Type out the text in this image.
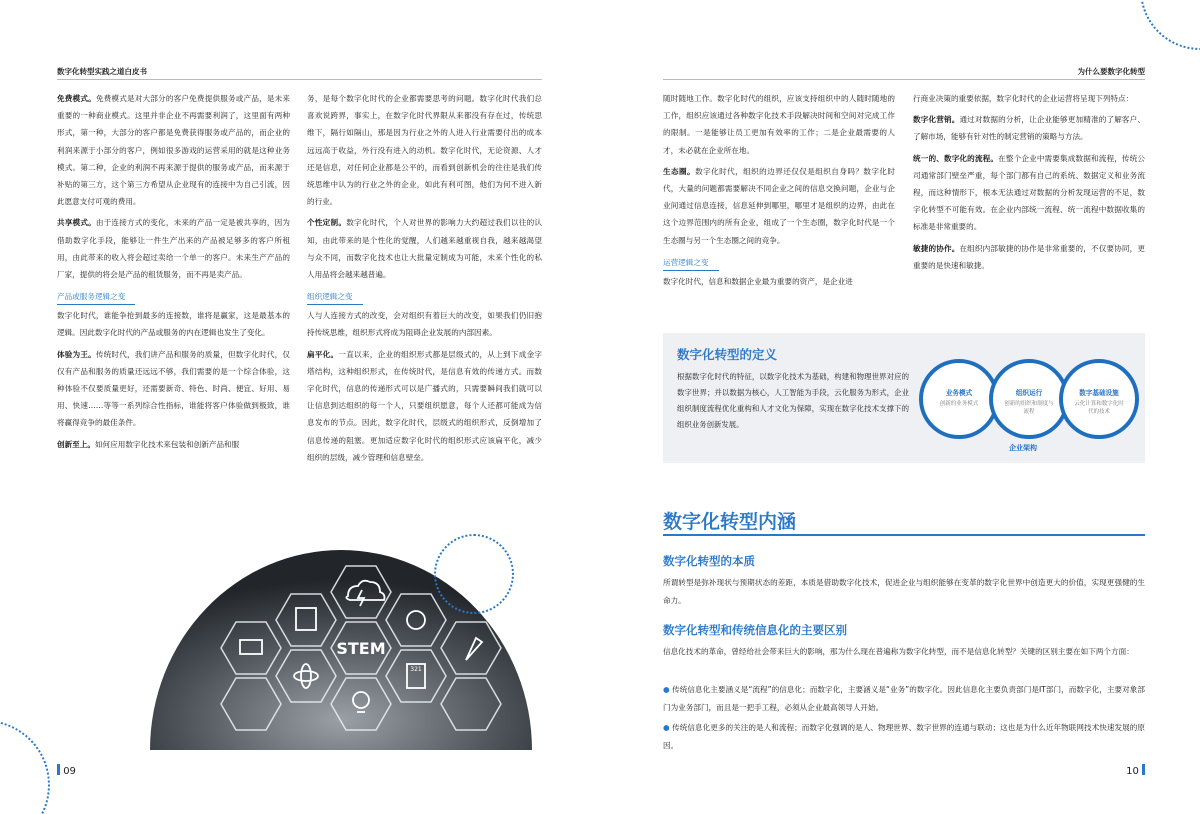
数字化转型实践之道白皮书

免费模式。免费模式是对大部分的客户免费提供服务或产品，是未来重要的一种商业模式。这里并非企业不再需要利润了，这里面有两种形式，第一种，大部分的客户都是免费获得服务或产品的，而企业的利润来源于小部分的客户，例如很多游戏的运营采用的就是这种业务模式。第二种，企业的利润不再来源于提供的服务或产品，而来源于补贴的第三方，这个第三方希望从企业现有的连接中为自己引流，因此愿意支付可观的费用。

共享模式。由于连接方式的变化，未来的产品一定是被共享的，因为借助数字化手段，能够让一件生产出来的产品被足够多的客户所租用，由此带来的收入将会超过卖给一个单一的客户。未来生产产品的厂家，提供的将会是产品的租赁服务，而不再是卖产品。

产品或服务逻辑之变

数字化时代，谁能争抢到最多的连接数，谁将是赢家，这是最基本的逻辑。因此数字化时代的产品或服务的内在逻辑也发生了变化。

体验为王。传统时代，我们讲产品和服务的质量，但数字化时代，仅仅有产品和服务的质量还远远不够，我们需要的是一个综合体验，这种体验不仅要质量更好，还需要新奇、特色、时尚、便宜、好用、易用、快速……等等一系列综合性指标，谁能将客户体验做到极致，谁将赢得竞争的最佳条件。

创新至上。如何应用数字化技术来包装和创新产品和服

务，是每个数字化时代的企业都需要思考的问题。数字化时代我们总喜欢说跨界，事实上，在数字化时代界限从来都没有存在过，传统思维下，隔行如隔山，那是因为行业之外的人进入行业需要付出的成本远远高于收益，外行没有进入的动机。数字化时代，无论资源、人才还是信息，对任何企业都是公平的，而看到创新机会的往往是我们传统思维中认为的行业之外的企业，如此有利可图，他们为何不进入新的行业。

个性定制。数字化时代，个人对世界的影响力大约超过我们以往的认知，由此带来的是个性化的觉醒，人们越来越重视自我，越来越渴望与众不同，而数字化技术也让大批量定制成为可能，未来个性化的私人用品将会越来越普遍。

组织逻辑之变

人与人连接方式的改变，会对组织有着巨大的改变，如果我们仍旧抱持传统思维，组织形式将成为阻碍企业发展的内部因素。

扁平化。一直以来，企业的组织形式都是层级式的，从上到下成金字塔结构，这种组织形式，在传统时代，是信息有效的传递方式。而数字化时代，信息的传递形式可以是广播式的，只需要瞬间我们就可以让信息到达组织的每一个人，只要组织愿意，每个人还都可能成为信息发布的节点。因此，数字化时代，层级式的组织形式，反倒增加了信息传递的阻塞。更加适应数字化时代的组织形式应该扁平化，减少组织的层级，减少管理和信息壁垒。

STEM
321
09
为什么要数字化转型

随时随地工作。数字化时代的组织，应该支持组织中的人随时随地的工作，组织应该通过各种数字化技术手段解决时间和空间对完成工作的限制。一是能够让员工更加有效率的工作；二是企业最需要的人才，未必就在企业所在地。

生态圈。数字化时代，组织的边界还仅仅是组织自身吗？数字化时代，大量的问题都需要解决不同企业之间的信息交换问题，企业与企业间通过信息连接，信息延伸到哪里，哪里才是组织的边界，由此在这个边界范围内的所有企业，组成了一个生态圈，数字化时代是一个生态圈与另一个生态圈之间的竞争。

运营逻辑之变

数字化时代，信息和数据企业最为重要的资产，是企业进

行商业决策的重要依据，数字化时代的企业运营将呈现下列特点：

数字化营销。通过对数据的分析，让企业能够更加精准的了解客户、了解市场，能够有针对性的制定营销的策略与方法。

统一的、数字化的流程。在整个企业中需要集成数据和流程，传统公司通常部门壁垒严重，每个部门都有自己的系统、数据定义和业务流程，而这种情形下，根本无法通过对数据的分析发现运营的不足，数字化转型不可能有效。在企业内部统一流程、统一流程中数据收集的标准是非常重要的。

敏捷的协作。在组织内部敏捷的协作是非常重要的，不仅要协同，更重要的是快速和敏捷。

数字化转型的定义
根据数字化时代的特征，以数字化技术为基础，构建和物理世界对应的数字世界；并以数据为核心，人工智能为手段，云化服务为形式，企业组织制度流程优化重构和人才文化为保障，实现在数字化技术支撑下的组织业务创新发展。
业务模式
创新的业务模式
组织运行
创新的组织和制度与流程
数字基础设施
云化计算和数字化时代的技术
企业架构
数字化转型内涵
数字化转型的本质
所谓转型是弥补现状与预期状态的差距，本质是借助数字化技术，促进企业与组织能够在变革的数字化世界中创造更大的价值，实现更强健的生命力。
数字化转型和传统信息化的主要区别
信息化技术的革命，曾经给社会带来巨大的影响，那为什么现在普遍称为数字化转型，而不是信息化转型？关键的区别主要在如下两个方面：
● 传统信息化主要涵义是“流程”的信息化；而数字化，主要涵义是“业务”的数字化。因此信息化主要负责部门是IT部门，而数字化，主要对象部门为业务部门，而且是一把手工程，必须从企业最高领导人开始。
● 传统信息化更多的关注的是人和流程；而数字化强调的是人、物理世界、数字世界的连通与联动；这也是为什么近年物联网技术快速发展的原因。
10
